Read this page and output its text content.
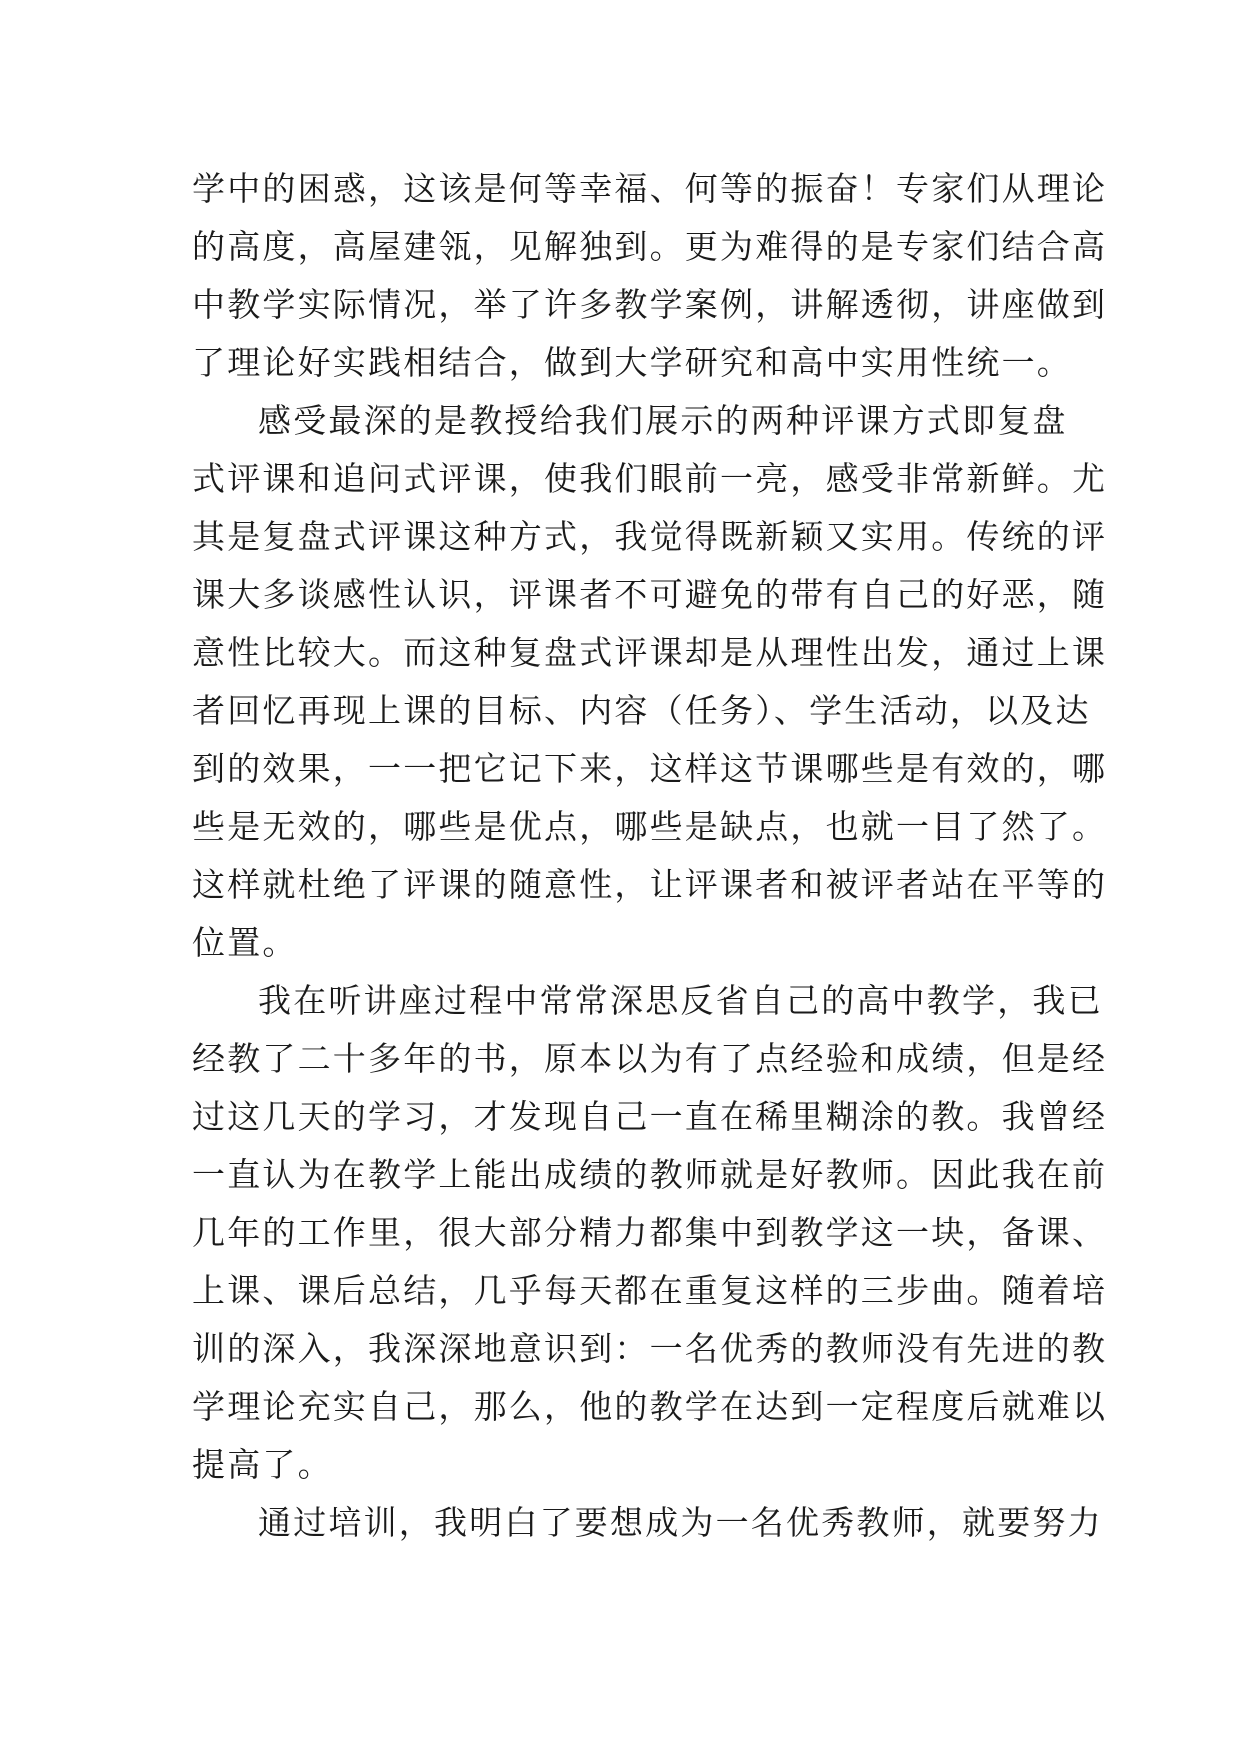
学中的困惑，这该是何等幸福、何等的振奋！专家们从理论
的高度，高屋建瓴，见解独到。更为难得的是专家们结合高
中教学实际情况，举了许多教学案例，讲解透彻，讲座做到
了理论好实践相结合，做到大学研究和高中实用性统一。
感受最深的是教授给我们展示的两种评课方式即复盘
式评课和追问式评课，使我们眼前一亮，感受非常新鲜。尤
其是复盘式评课这种方式，我觉得既新颖又实用。传统的评
课大多谈感性认识，评课者不可避免的带有自己的好恶，随
意性比较大。而这种复盘式评课却是从理性出发，通过上课
者回忆再现上课的目标、内容（任务）、学生活动，以及达
到的效果，一一把它记下来，这样这节课哪些是有效的，哪
些是无效的，哪些是优点，哪些是缺点，也就一目了然了。
这样就杜绝了评课的随意性，让评课者和被评者站在平等的
位置。
我在听讲座过程中常常深思反省自己的高中教学，我已
经教了二十多年的书，原本以为有了点经验和成绩，但是经
过这几天的学习，才发现自己一直在稀里糊涂的教。我曾经
一直认为在教学上能出成绩的教师就是好教师。因此我在前
几年的工作里，很大部分精力都集中到教学这一块，备课、
上课、课后总结，几乎每天都在重复这样的三步曲。随着培
训的深入，我深深地意识到：一名优秀的教师没有先进的教
学理论充实自己，那么，他的教学在达到一定程度后就难以
提高了。
通过培训，我明白了要想成为一名优秀教师，就要努力
